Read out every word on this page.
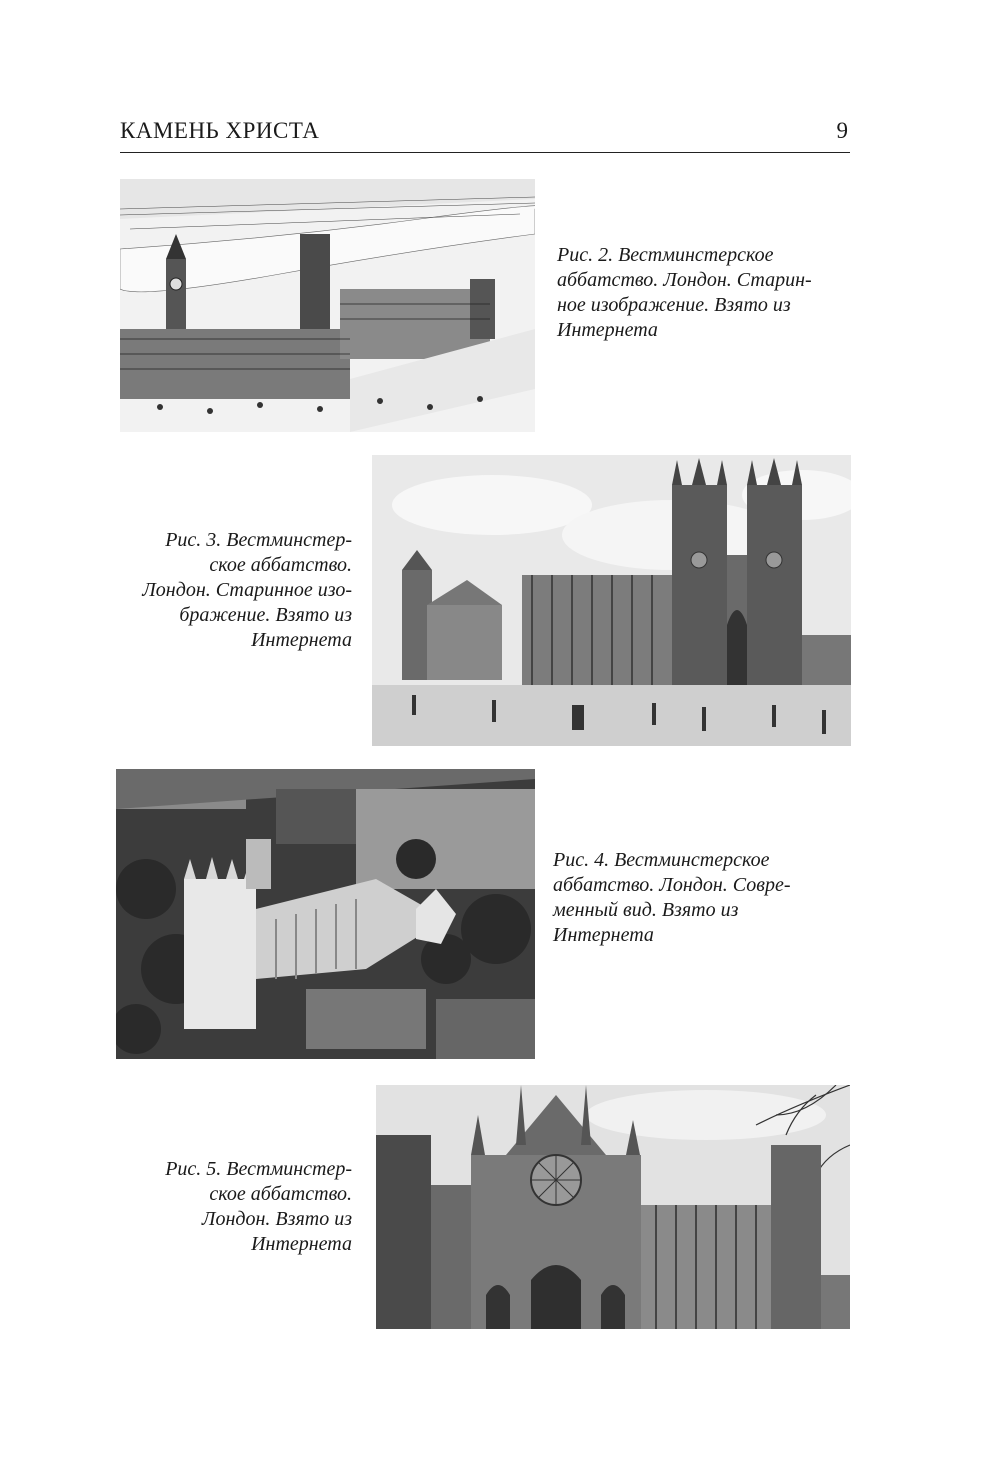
КАМЕНЬ ХРИСТА	9
Рис. 2. Вестминстерское
аббатство. Лондон. Старин-
ное изображение. Взято из
Интернета
Рис. 3. Вестминстер-
ское аббатство.
Лондон. Старинное изо-
бражение. Взято из
Интернета
Рис. 4. Вестминстерское
аббатство. Лондон. Совре-
менный вид. Взято из
Интернета
Рис. 5. Вестминстер-
ское аббатство.
Лондон. Взято из
Интернета
